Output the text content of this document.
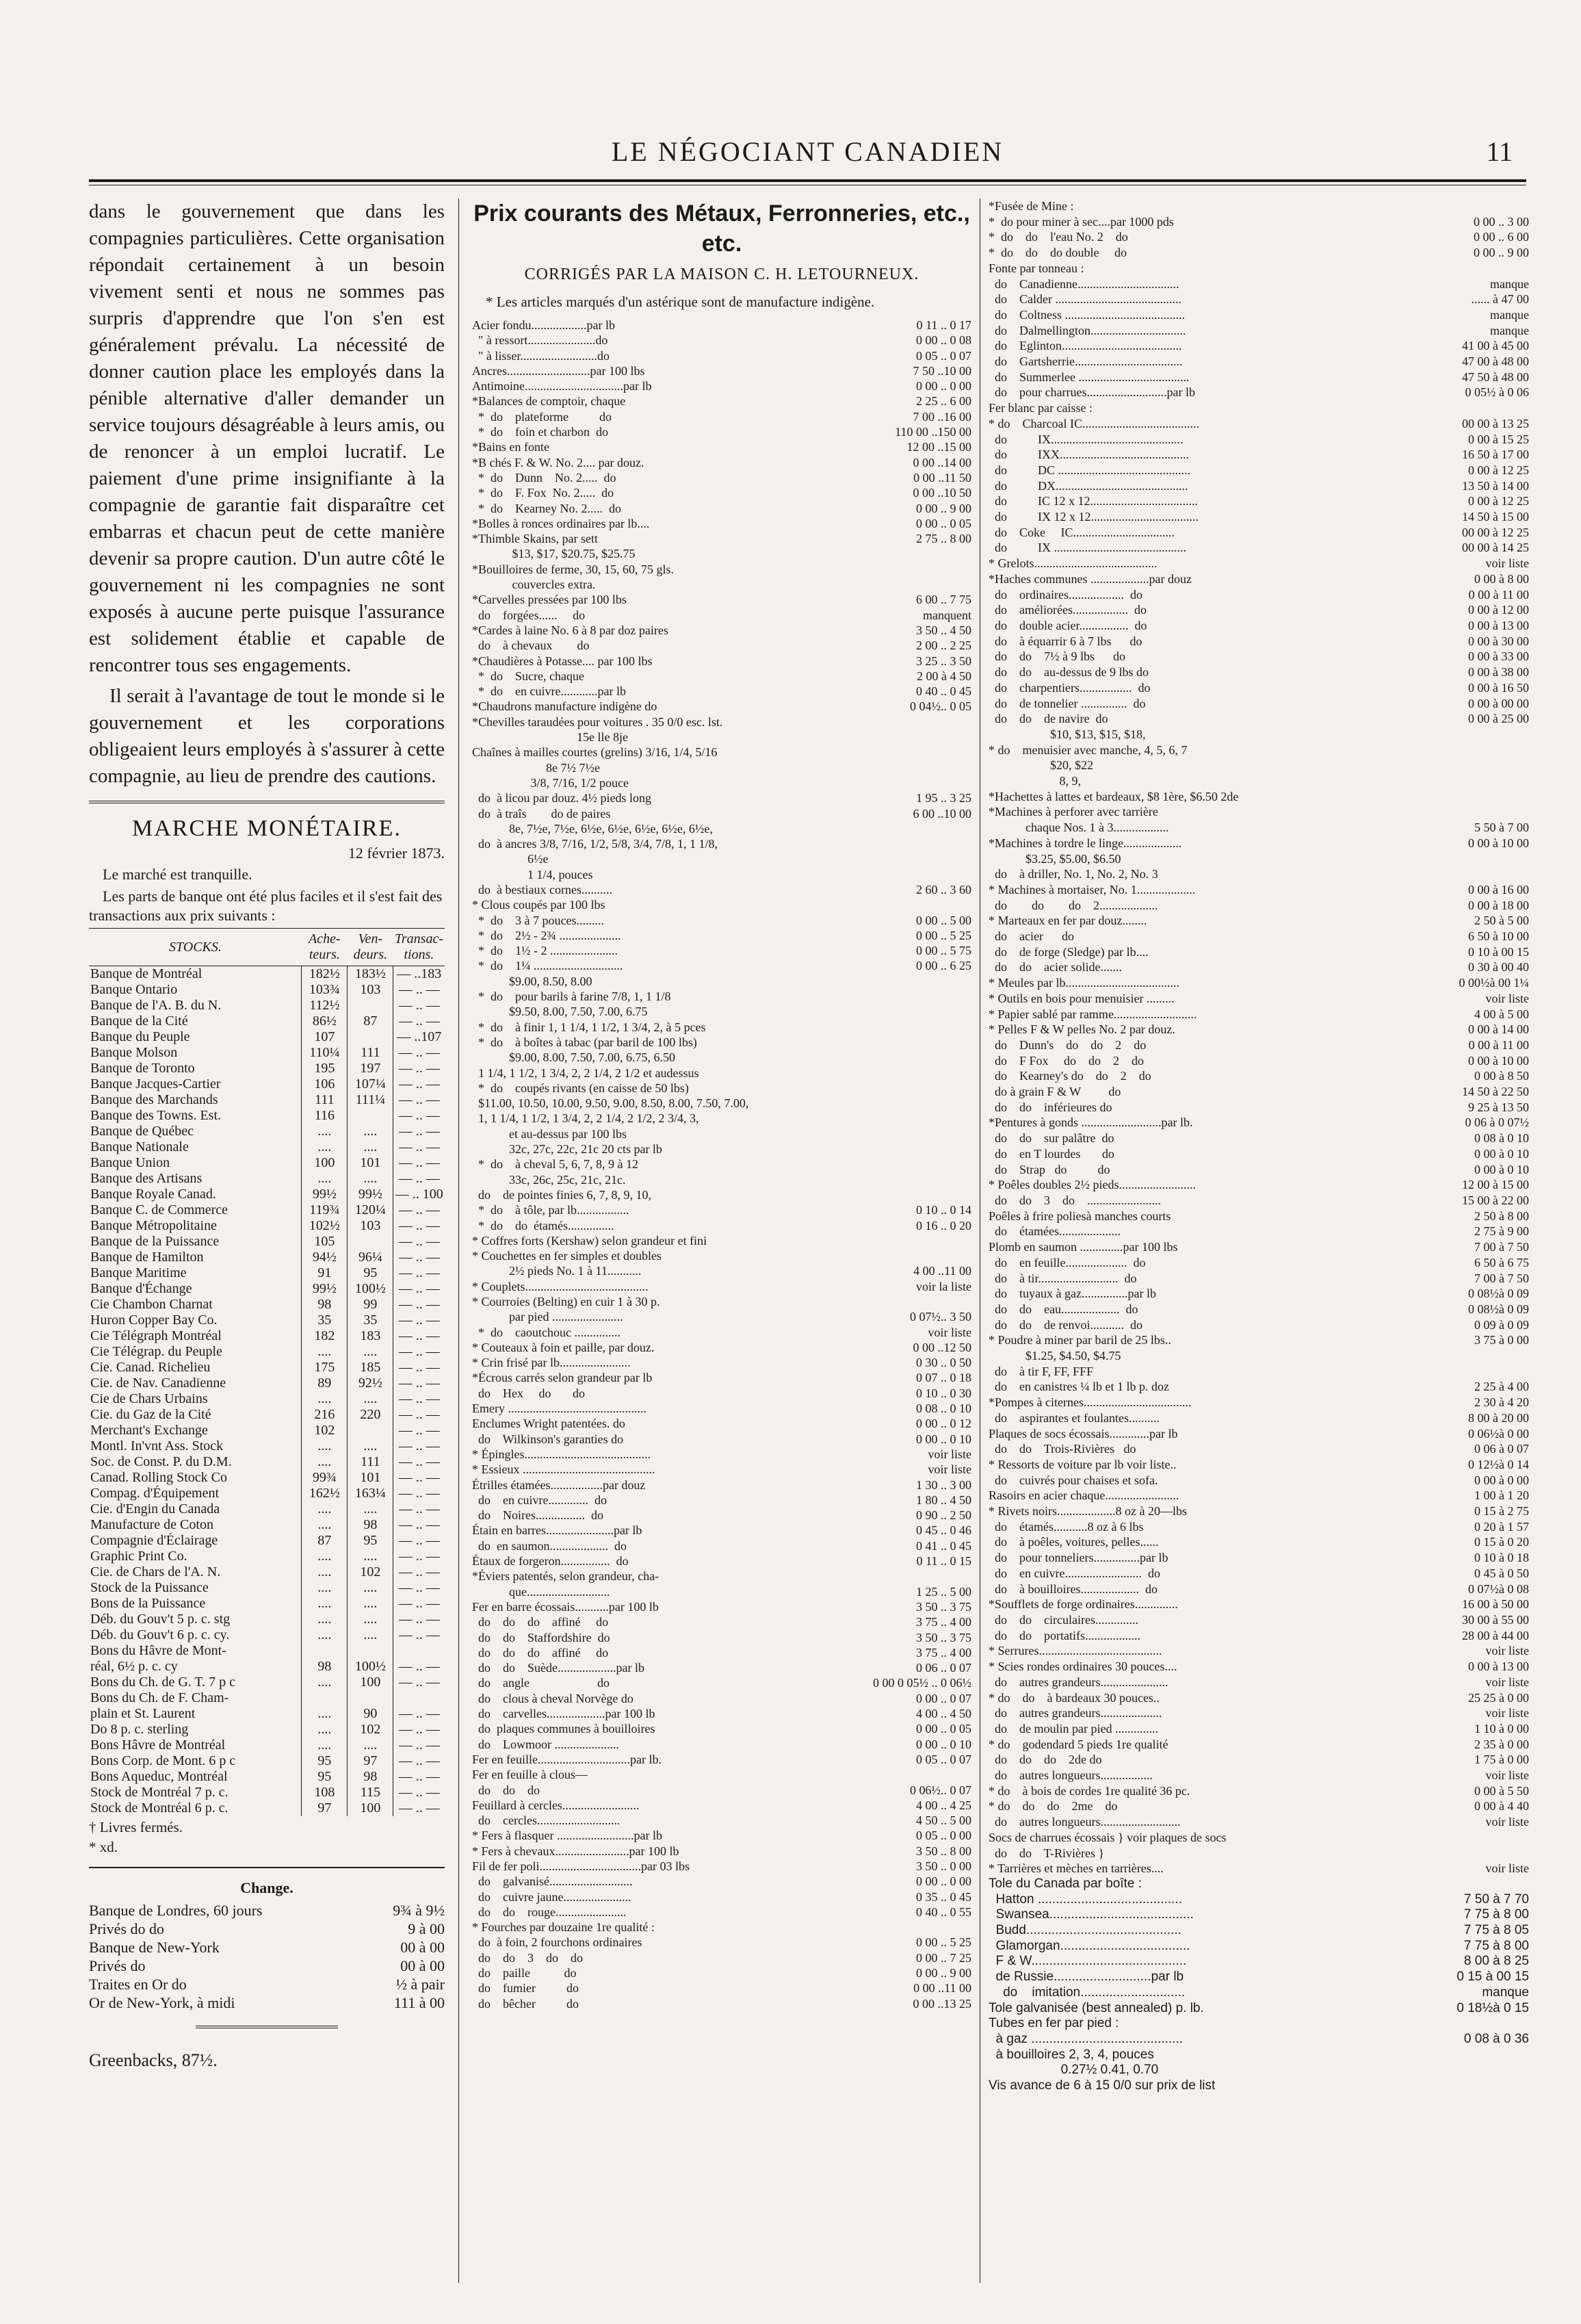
LE NÉGOCIANT CANADIEN	11

dans le gouvernement que dans les compagnies particulières. Cette organisation répondait certainement à un besoin vivement senti et nous ne sommes pas surpris d'apprendre que l'on s'en est généralement prévalu. La nécessité de donner caution place les employés dans la pénible alternative d'aller demander un service toujours désagréable à leurs amis, ou de renoncer à un emploi lucratif. Le paiement d'une prime insignifiante à la compagnie de garantie fait disparaître cet embarras et chacun peut de cette manière devenir sa propre caution. D'un autre côté le gouvernement ni les compagnies ne sont exposés à aucune perte puisque l'assurance est solidement établie et capable de rencontrer tous ses engagements.

Il serait à l'avantage de tout le monde si le gouvernement et les corporations obligeaient leurs employés à s'assurer à cette compagnie, au lieu de prendre des cautions.

MARCHE MONÉTAIRE.
12 février 1873.

Le marché est tranquille.

Les parts de banque ont été plus faciles et il s'est fait des transactions aux prix suivants :

STOCKS.	Ache-teurs.	Ven-deurs.	Transac-tions.
Banque de Montréal	182½	183½	— ..183
Banque Ontario	103¾	103	— .. —
Banque de l'A. B. du N.	112½		— .. —
Banque de la Cité	86½	87	— .. —
Banque du Peuple	107		— ..107
Banque Molson	110¼	111	— .. —
Banque de Toronto	195	197	— .. —
Banque Jacques-Cartier	106	107¼	— .. —
Banque des Marchands	111	111¼	— .. —
Banque des Towns. Est.	116		— .. —
Banque de Québec	....	....	— .. —
Banque Nationale	....	....	— .. —
Banque Union	100	101	— .. —
Banque des Artisans	....	....	— .. —
Banque Royale Canad.	99½	99½	— .. 100
Banque C. de Commerce	119¾	120¼	— .. —
Banque Métropolitaine	102½	103	— .. —
Banque de la Puissance	105		— .. —
Banque de Hamilton	94½	96¼	— .. —
Banque Maritime	91	95	— .. —
Banque d'Échange	99½	100½	— .. —
Cie Chambon Charnat	98	99	— .. —
Huron Copper Bay Co.	35	35	— .. —
Cie Télégraph Montréal	182	183	— .. —
Cie Télégrap. du Peuple	....	....	— .. —
Cie. Canad. Richelieu	175	185	— .. —
Cie. de Nav. Canadienne	89	92½	— .. —
Cie de Chars Urbains	....	....	— .. —
Cie. du Gaz de la Cité	216	220	— .. —
Merchant's Exchange	102		— .. —
Montl. In'vnt Ass. Stock	....	....	— .. —
Soc. de Const. P. du D.M.	....	111	— .. —
Canad. Rolling Stock Co	99¾	101	— .. —
Compag. d'Équipement	162½	163¼	— .. —
Cie. d'Engin du Canada	....	....	— .. —
Manufacture de Coton	....	98	— .. —
Compagnie d'Éclairage	87	95	— .. —
Graphic Print Co.	....	....	— .. —
Cie. de Chars de l'A. N.	....	102	— .. —
Stock de la Puissance	....	....	— .. —
Bons de la Puissance	....	....	— .. —
Déb. du Gouv't 5 p. c. stg	....	....	— .. —
Déb. du Gouv't 6 p. c. cy.	....	....	— .. —
Bons du Hâvre de Mont-			
réal, 6½ p. c. cy	98	100½	— .. —
Bons du Ch. de G. T. 7 p c	....	100	— .. —
Bons du Ch. de F. Cham-			
plain et St. Laurent	....	90	— .. —
Do 8 p. c. sterling	....	102	— .. —
Bons Hâvre de Montréal	....	....	— .. —
Bons Corp. de Mont. 6 p c	95	97	— .. —
Bons Aqueduc, Montréal	95	98	— .. —
Stock de Montréal 7 p. c.	108	115	— .. —
Stock de Montréal 6 p. c.	97	100	— .. —
† Livres fermés.
* xd.
Change.
Banque de Londres, 60 jours	9¾ à 9½
Privés do do	9 à 00
Banque de New-York	00 à 00
Privés do	00 à 00
Traites en Or do	½ à pair
Or de New-York, à midi	111 à 00
Greenbacks, 87½.
Prix courants des Métaux, Ferronneries, etc., etc.
CORRIGÉS PAR LA MAISON C. H. LETOURNEUX.
* Les articles marqués d'un astérique sont de manufacture indigène.
Acier fondu..................par lb	0 11 .. 0 17
" à ressort......................do	0 00 .. 0 08
" à lisser.........................do	0 05 .. 0 07
Ancres...........................par 100 lbs	7 50 ..10 00
Antimoine................................par lb	0 00 .. 0 00
*Balances de comptoir, chaque	2 25 .. 6 00
*  do    plateforme          do	7 00 ..16 00
*  do    foin et charbon  do	110 00 ..150 00
*Bains en fonte	12 00 ..15 00
*B chés F. & W. No. 2.... par douz.	0 00 ..14 00
*  do    Dunn    No. 2.....  do	0 00 ..11 50
*  do    F. Fox  No. 2.....  do	0 00 ..10 50
*  do    Kearney No. 2.....  do	0 00 .. 9 00
*Bolles à ronces ordinaires par lb....	0 00 .. 0 05
*Thimble Skains, par sett	2 75 .. 8 00
$13, $17, $20.75, $25.75
*Bouilloires de ferme, 30, 15, 60, 75 gls.
couvercles extra.
*Carvelles pressées par 100 lbs	6 00 .. 7 75
do    forgées......     do	manquent
*Cardes à laine No. 6 à 8 par doz paires	3 50 .. 4 50
do    à chevaux        do	2 00 .. 2 25
*Chaudières à Potasse.... par 100 lbs	3 25 .. 3 50
*  do    Sucre, chaque	2 00 à 4 50
*  do    en cuivre............par lb	0 40 .. 0 45
*Chaudrons manufacture indigène do	0 04½.. 0 05
*Chevilles taraudées pour voitures . 35 0/0 esc. lst.
15e lle 8je
Chaînes à mailles courtes (grelins) 3/16, 1/4, 5/16
8e 7½ 7½e
3/8, 7/16, 1/2 pouce
do  à licou par douz. 4½ pieds long	1 95 .. 3 25
do  à traîs        do de paires	6 00 ..10 00
8e, 7½e, 7½e, 6½e, 6½e, 6½e, 6½e, 6½e,
do  à ancres 3/8, 7/16, 1/2, 5/8, 3/4, 7/8, 1, 1 1/8,
6½e
1 1/4, pouces
do  à bestiaux cornes..........	2 60 .. 3 60
* Clous coupés par 100 lbs
*  do    3 à 7 pouces.........	0 00 .. 5 00
*  do    2½ - 2¾ ....................	0 00 .. 5 25
*  do    1½ - 2 ......................	0 00 .. 5 75
*  do    1¼ .............................	0 00 .. 6 25
$9.00, 8.50, 8.00
*  do    pour barils à farine 7/8, 1, 1 1/8
$9.50, 8.00, 7.50, 7.00, 6.75
*  do    à finir 1, 1 1/4, 1 1/2, 1 3/4, 2, à 5 pces
*  do    à boîtes à tabac (par baril de 100 lbs)
$9.00, 8.00, 7.50, 7.00, 6.75, 6.50
1 1/4, 1 1/2, 1 3/4, 2, 2 1/4, 2 1/2 et audessus
*  do    coupés rivants (en caisse de 50 lbs)
$11.00, 10.50, 10.00, 9.50, 9.00, 8.50, 8.00, 7.50, 7.00,
1, 1 1/4, 1 1/2, 1 3/4, 2, 2 1/4, 2 1/2, 2 3/4, 3,
et au-dessus par 100 lbs
32c, 27c, 22c, 21c 20 cts par lb
*  do    à cheval 5, 6, 7, 8, 9 à 12
33c, 26c, 25c, 21c, 21c.
do    de pointes finies 6, 7, 8, 9, 10,
*  do    à tôle, par lb.................	0 10 .. 0 14
*  do    do  étamés...............	0 16 .. 0 20
* Coffres forts (Kershaw) selon grandeur et fini
* Couchettes en fer simples et doubles
2½ pieds No. 1 à 11...........	4 00 ..11 00
* Couplets........................................	voir la liste
* Courroies (Belting) en cuir 1 à 30 p.
par pied .......................	0 07½.. 3 50
*  do    caoutchouc ...............	voir liste
* Couteaux à foin et paille, par douz.	0 00 ..12 50
* Crin frisé par lb.......................	0 30 .. 0 50
*Écrous carrés selon grandeur par lb	0 07 .. 0 18
do    Hex     do       do	0 10 .. 0 30
Emery .............................................	0 08 .. 0 10
Enclumes Wright patentées. do	0 00 .. 0 12
do    Wilkinson's garanties do	0 00 .. 0 10
* Épingles.........................................	voir liste
* Essieux ...........................................	voir liste
Étrilles étamées.................par douz	1 30 .. 3 00
do    en cuivre.............  do	1 80 .. 4 50
do    Noires................  do	0 90 .. 2 50
Étain en barres......................par lb	0 45 .. 0 46
do  en saumon...................  do	0 41 .. 0 45
Étaux de forgeron................  do	0 11 .. 0 15
*Éviers patentés, selon grandeur, cha-
que...........................	1 25 .. 5 00
Fer en barre écossais...........par 100 lb	3 50 .. 3 75
do    do    do    affiné     do	3 75 .. 4 00
do    do    Staffordshire  do	3 50 .. 3 75
do    do    do    affiné     do	3 75 .. 4 00
do    do    Suède...................par lb	0 06 .. 0 07
do    angle                      do	0 00 0 05½ .. 0 06½
do    clous à cheval Norvège do	0 00 .. 0 07
do    carvelles...................par 100 lb	4 00 .. 4 50
do  plaques communes à bouilloires	0 00 .. 0 05
do    Lowmoor .....................	0 00 .. 0 10
Fer en feuille..............................par lb.	0 05 .. 0 07
Fer en feuille à clous—
do    do    do	0 06½.. 0 07
Feuillard à cercles.........................	4 00 .. 4 25
do    cercles...........................	4 50 .. 5 00
* Fers à flasquer .........................par lb	0 05 .. 0 00
* Fers à chevaux........................par 100 lb	3 50 .. 8 00
Fil de fer poli.................................par 03 lbs	3 50 .. 0 00
do    galvanisé...........................	0 00 .. 0 00
do    cuivre jaune......................	0 35 .. 0 45
do    do    rouge.......................	0 40 .. 0 55
* Fourches par douzaine 1re qualité :
do  à foin, 2 fourchons ordinaires	0 00 .. 5 25
do    do    3    do    do	0 00 .. 7 25
do    paille           do	0 00 .. 9 00
do    fumier          do	0 00 ..11 00
do    bêcher          do	0 00 ..13 25
*Fusée de Mine :
*  do pour miner à sec....par 1000 pds	0 00 .. 3 00
*  do    do    l'eau No. 2    do	0 00 .. 6 00
*  do    do    do double     do	0 00 .. 9 00
Fonte par tonneau :
do    Canadienne.................................	manque
do    Calder .........................................	...... à 47 00
do    Coltness .......................................	manque
do    Dalmellington...............................	manque
do    Eglinton.......................................	41 00 à 45 00
do    Gartsherrie...................................	47 00 à 48 00
do    Summerlee ....................................	47 50 à 48 00
do    pour charrues..........................par lb	0 05½ à 0 06
Fer blanc par caisse :
* do    Charcoal IC......................................	00 00 à 13 25
do          IX...........................................	0 00 à 15 25
do          IXX..........................................	16 50 à 17 00
do          DC ...........................................	0 00 à 12 25
do          DX...........................................	13 50 à 14 00
do          IC 12 x 12...................................	0 00 à 12 25
do          IX 12 x 12...................................	14 50 à 15 00
do    Coke     IC.................................	00 00 à 12 25
do          IX ...........................................	00 00 à 14 25
* Grelots........................................	voir liste
*Haches communes ...................par douz	0 00 à 8 00
do    ordinaires..................  do	0 00 à 11 00
do    améliorées..................  do	0 00 à 12 00
do    double acier................  do	0 00 à 13 00
do    à équarrir 6 à 7 lbs      do	0 00 à 30 00
do    do    7½ à 9 lbs      do	0 00 à 33 00
do    do    au-dessus de 9 lbs do	0 00 à 38 00
do    charpentiers.................  do	0 00 à 16 50
do    de tonnelier ...............  do	0 00 à 00 00
do    do    de navire  do	0 00 à 25 00
$10, $13, $15, $18,
* do    menuisier avec manche, 4, 5, 6, 7
$20, $22
8, 9,
*Hachettes à lattes et bardeaux, $8 1ère, $6.50 2de
*Machines à perforer avec tarrière
chaque Nos. 1 à 3..................	5 50 à 7 00
*Machines à tordre le linge...................	0 00 à 10 00
$3.25, $5.00, $6.50
do    à driller, No. 1, No. 2, No. 3
* Machines à mortaiser, No. 1...................	0 00 à 16 00
do        do        do    2...................	0 00 à 18 00
* Marteaux en fer par douz........	2 50 à 5 00
do    acier      do	6 50 à 10 00
do    de forge (Sledge) par lb....	0 10 à 00 15
do    do    acier solide.......	0 30 à 00 40
* Meules par lb.....................................	0 00½à 00 1¼
* Outils en bois pour menuisier .........	voir liste
* Papier sablé par ramme...........................	4 00 à 5 00
* Pelles F & W pelles No. 2 par douz.	0 00 à 14 00
do    Dunn's    do    do    2    do	0 00 à 11 00
do    F Fox     do    do    2    do	0 00 à 10 00
do    Kearney's do    do    2    do	0 00 à 8 50
do à grain F & W         do	14 50 à 22 50
do    do    inférieures do	9 25 à 13 50
*Pentures à gonds ..........................par lb.	0 06 à 0 07½
do    do    sur palâtre  do	0 08 à 0 10
do    en T lourdes       do	0 00 à 0 10
do    Strap   do          do	0 00 à 0 10
* Poêles doubles 2½ pieds.........................	12 00 à 15 00
do    do    3    do    ........................	15 00 à 22 00
Poêles à frire poliesà manches courts	2 50 à 8 00
do    étamées....................	2 75 à 9 00
Plomb en saumon ..............par 100 lbs	7 00 à 7 50
do    en feuille....................  do	6 50 à 6 75
do    à tir..........................  do	7 00 à 7 50
do    tuyaux à gaz...............par lb	0 08½à 0 09
do    do    eau...................  do	0 08½à 0 09
do    do    de renvoi...........  do	0 09 à 0 09
* Poudre à miner par baril de 25 lbs..	3 75 à 0 00
$1.25, $4.50, $4.75
do    à tir F, FF, FFF
do    en canistres ¼ lb et 1 lb p. doz	2 25 à 4 00
*Pompes à citernes...................................	2 30 à 4 20
do    aspirantes et foulantes..........	8 00 à 20 00
Plaques de socs écossais.............par lb	0 06½à 0 00
do    do    Trois-Rivières   do	0 06 à 0 07
* Ressorts de voiture par lb voir liste..	0 12½à 0 14
do    cuivrés pour chaises et sofa.	0 00 à 0 00
Rasoirs en acier chaque........................	1 00 à 1 20
* Rivets noirs...................8 oz à 20—lbs	0 15 à 2 75
do    étamés...........8 oz à 6 lbs	0 20 à 1 57
do    à poêles, voitures, pelles......	0 15 à 0 20
do    pour tonneliers...............par lb	0 10 à 0 18
do    en cuivre.........................  do	0 45 à 0 50
do    à bouilloires...................  do	0 07½à 0 08
*Soufflets de forge ordinaires..............	16 00 à 50 00
do    do    circulaires..............	30 00 à 55 00
do    do    portatifs..................	28 00 à 44 00
* Serrures........................................	voir liste
* Scies rondes ordinaires 30 pouces....	0 00 à 13 00
do    autres grandeurs......................	voir liste
* do    do    à bardeaux 30 pouces..	25 25 à 0 00
do    autres grandeurs....................	voir liste
do    de moulin par pied ..............	1 10 à 0 00
* do    godendard 5 pieds 1re qualité	2 35 à 0 00
do    do    do    2de do	1 75 à 0 00
do    autres longueurs.................	voir liste
* do    à bois de cordes 1re qualité 36 pc.	0 00 à 5 50
* do    do    do    2me    do	0 00 à 4 40
do    autres longueurs..........................	voir liste
Socs de charrues écossais } voir plaques de socs
do    do    T-Rivières }
* Tarrières et mèches en tarrières....	voir liste
Tole du Canada par boîte :
Hatton ........................................	7 50 à 7 70
Swansea........................................	7 75 à 8 00
Budd...........................................	7 75 à 8 05
Glamorgan....................................	7 75 à 8 00
F & W...........................................	8 00 à 8 25
de Russie...........................par lb	0 15 à 00 15
do    imitation.............................	manque
Tole galvanisée (best annealed) p. lb.	0 18½à 0 15
Tubes en fer par pied :
à gaz ..........................................	0 08 à 0 36
à bouilloires 2, 3, 4, pouces
0.27½ 0.41, 0.70
Vis avance de 6 à 15 0/0 sur prix de list
